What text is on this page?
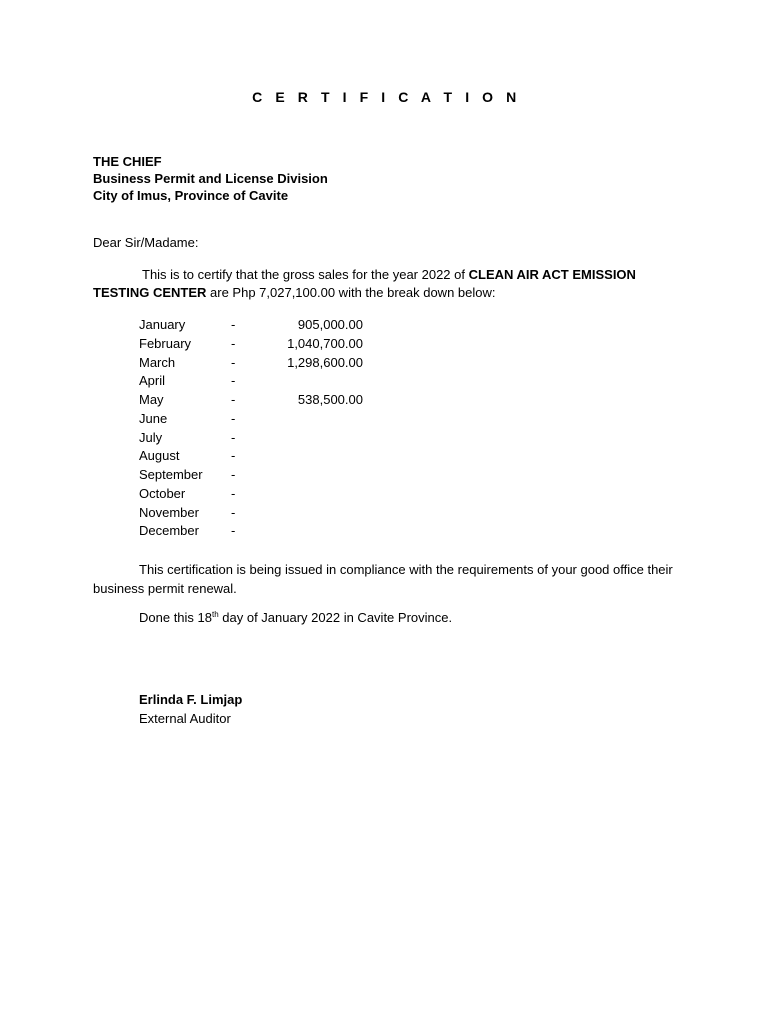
C E R T I F I C A T I O N
THE CHIEF
Business Permit and License Division
City of Imus, Province of Cavite
Dear Sir/Madame:
This is to certify that the gross sales for the year 2022 of CLEAN AIR ACT EMISSION TESTING CENTER are Php 7,027,100.00 with the break down below:
January	-	905,000.00
February	-	1,040,700.00
March	-	1,298,600.00
April	-
May	-	538,500.00
June	-
July	-
August	-
September -
October	-
November -
December -
This certification is being issued in compliance with the requirements of your good office their business permit renewal.
Done this 18th day of January 2022 in Cavite Province.
Erlinda F. Limjap
External Auditor
